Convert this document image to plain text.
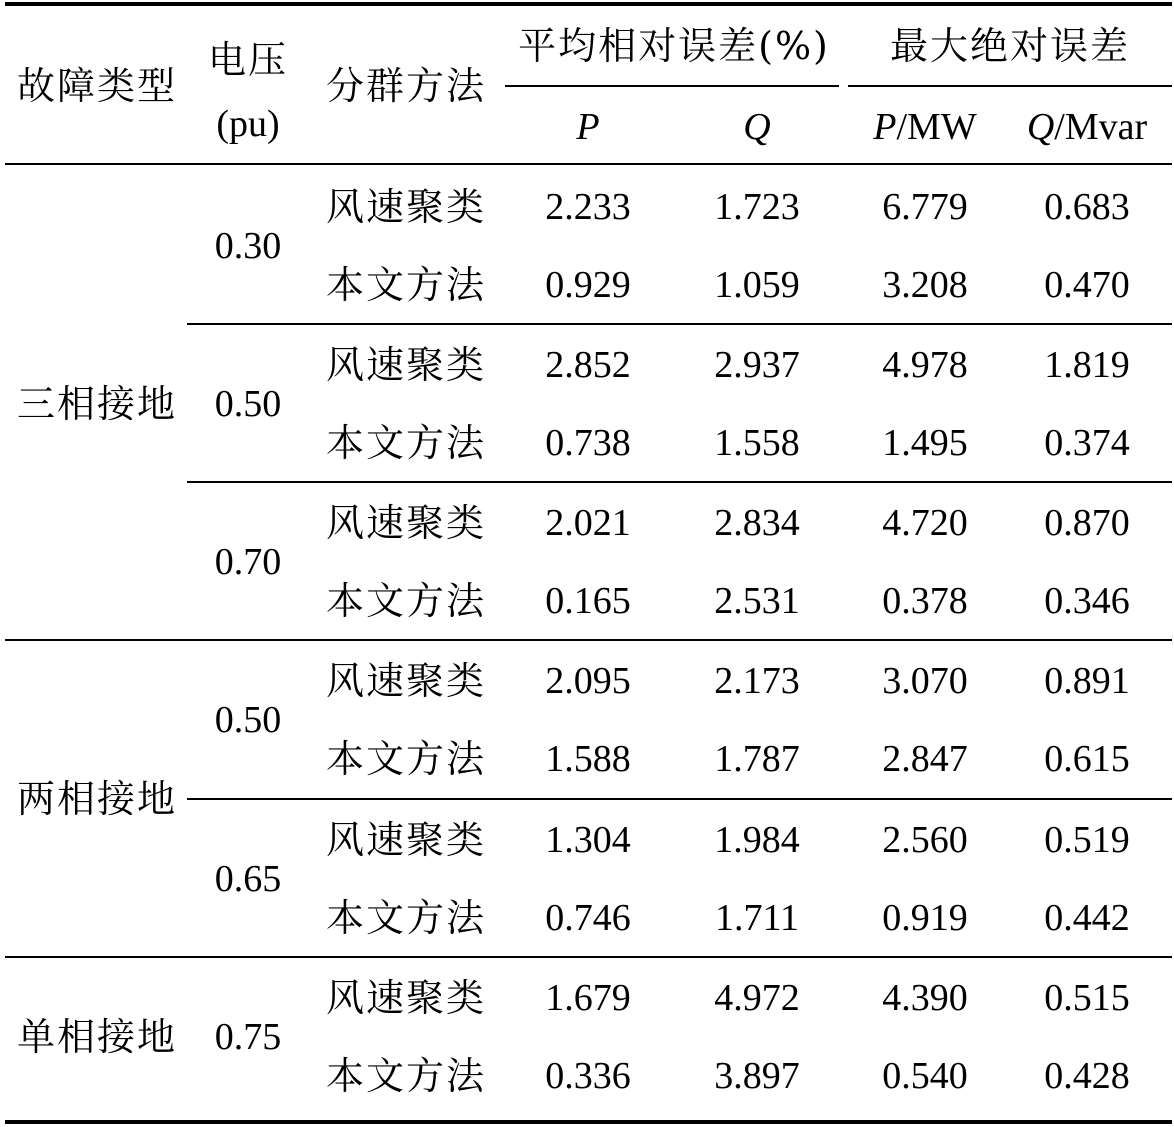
故障类型
电压
(pu)
分群方法
平均相对误差(%) 最大绝对误差
P	Q	P/MW Q/Mvar
三相接地
两相接地
单相接地
0.30
0.50
0.70
0.50
0.65
0.75
风速聚类 2.233 1.723 6.779 0.683
本文方法 0.929 1.059 3.208 0.470
风速聚类 2.852 2.937 4.978 1.819
本文方法 0.738 1.558 1.495 0.374
风速聚类 2.021 2.834 4.720 0.870
本文方法 0.165 2.531 0.378 0.346
风速聚类 2.095 2.173 3.070 0.891
本文方法 1.588 1.787 2.847 0.615
风速聚类 1.304 1.984 2.560 0.519
本文方法 0.746 1.711 0.919 0.442
风速聚类 1.679 4.972 4.390 0.515
本文方法 0.336 3.897 0.540 0.428
